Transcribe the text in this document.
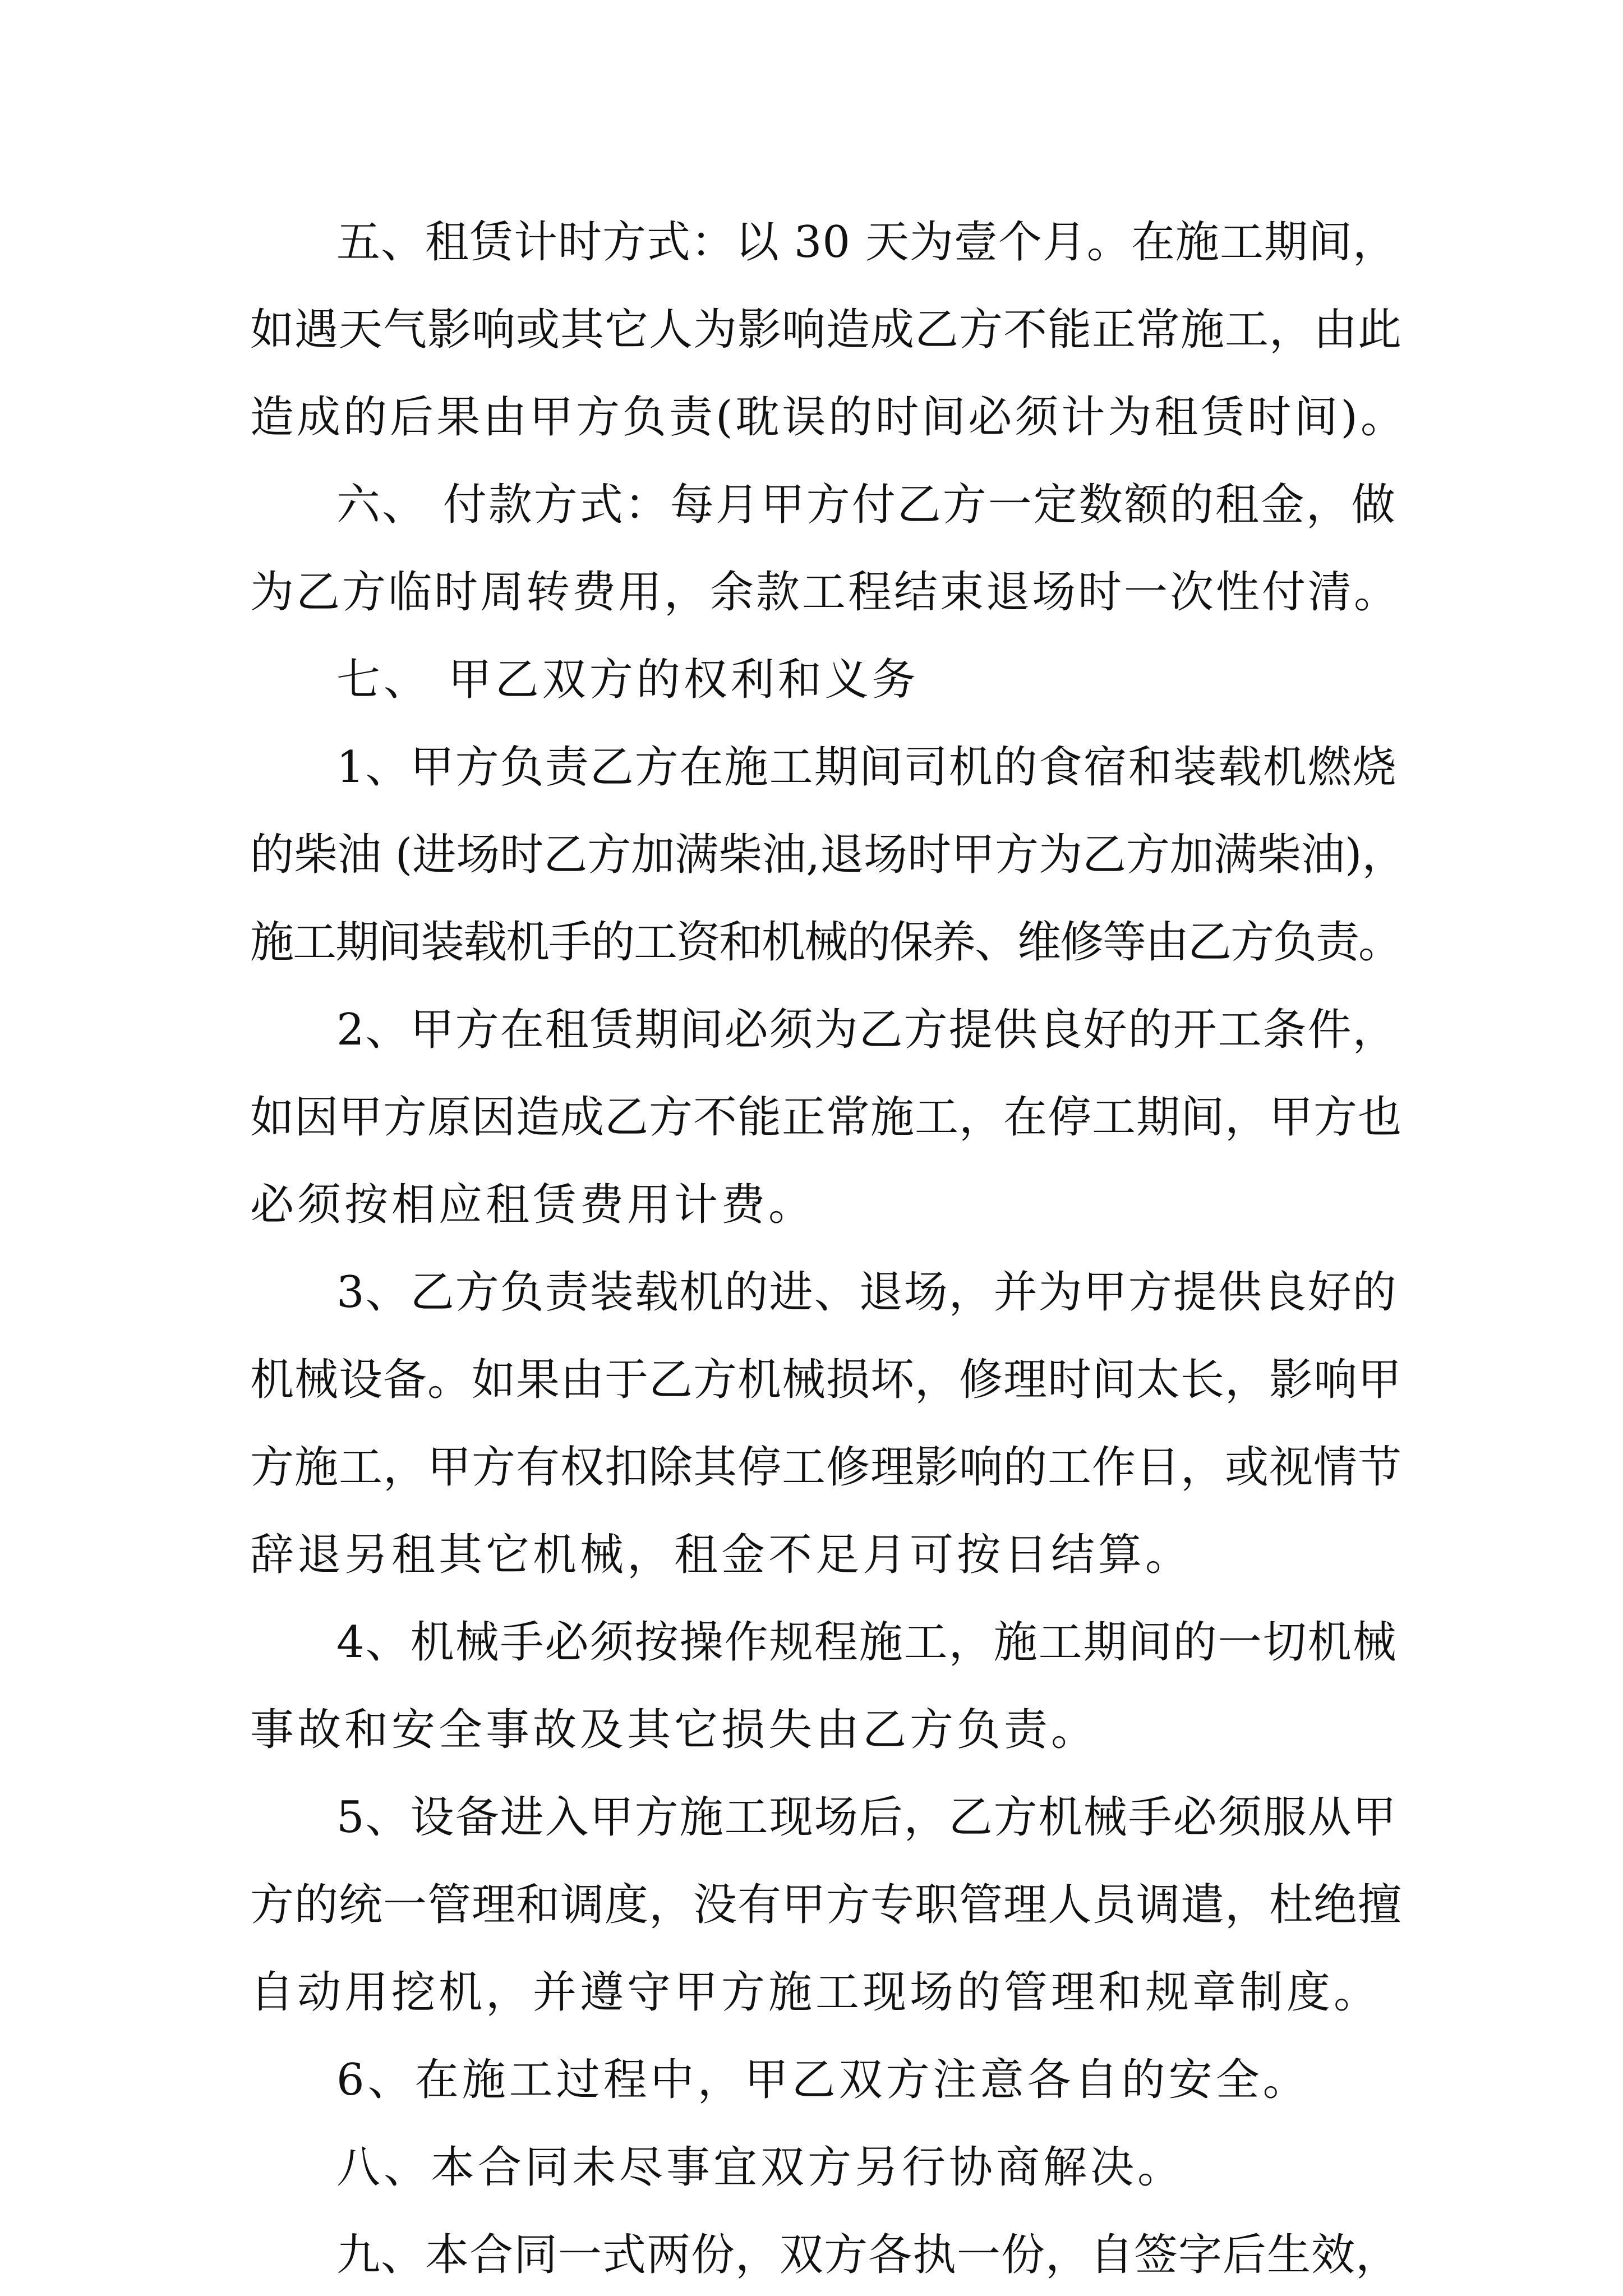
五、租赁计时方式：以 30 天为壹个月。在施工期间，
如遇天气影响或其它人为影响造成乙方不能正常施工，由此
造成的后果由甲方负责(耽误的时间必须计为租赁时间)。
六、 付款方式：每月甲方付乙方一定数额的租金，做
为乙方临时周转费用，余款工程结束退场时一次性付清。
七、 甲乙双方的权利和义务
1、甲方负责乙方在施工期间司机的食宿和装载机燃烧
的柴油 (进场时乙方加满柴油,退场时甲方为乙方加满柴油)，
施工期间装载机手的工资和机械的保养、维修等由乙方负责。
2、甲方在租赁期间必须为乙方提供良好的开工条件，
如因甲方原因造成乙方不能正常施工，在停工期间，甲方也
必须按相应租赁费用计费。
3、乙方负责装载机的进、退场，并为甲方提供良好的
机械设备。如果由于乙方机械损坏，修理时间太长，影响甲
方施工，甲方有权扣除其停工修理影响的工作日，或视情节
辞退另租其它机械，租金不足月可按日结算。
4、机械手必须按操作规程施工，施工期间的一切机械
事故和安全事故及其它损失由乙方负责。
5、设备进入甲方施工现场后，乙方机械手必须服从甲
方的统一管理和调度，没有甲方专职管理人员调遣，杜绝擅
自动用挖机，并遵守甲方施工现场的管理和规章制度。
6、在施工过程中，甲乙双方注意各自的安全。
八、本合同未尽事宜双方另行协商解决。
九、本合同一式两份，双方各执一份，自签字后生效，
